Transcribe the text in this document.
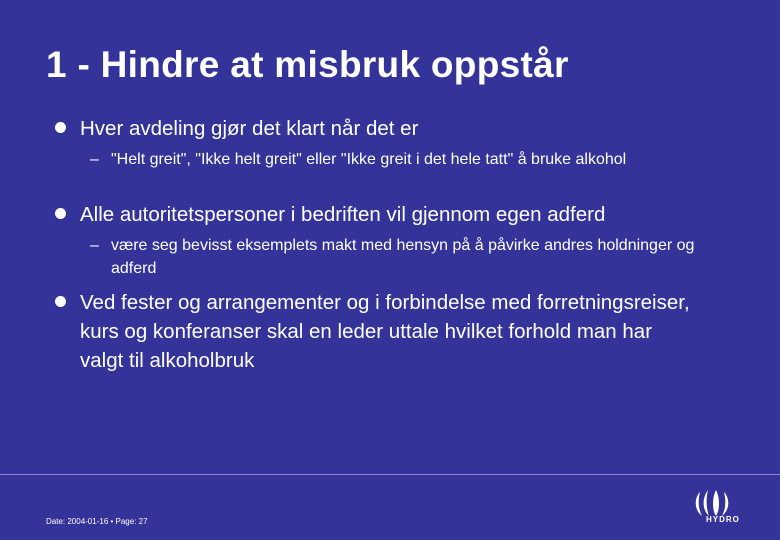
1 - Hindre at misbruk oppstår
Hver avdeling gjør det klart når det er
– "Helt greit", "Ikke helt greit" eller "Ikke greit i det hele tatt" å bruke alkohol
Alle autoritetspersoner i bedriften vil gjennom egen adferd
– være seg bevisst eksemplets makt med hensyn på å påvirke andres holdninger og adferd
Ved fester og arrangementer og i forbindelse med forretningsreiser, kurs og konferanser skal en leder uttale hvilket forhold man har valgt til alkoholbruk
Date: 2004-01-16 • Page: 27	HYDRO
